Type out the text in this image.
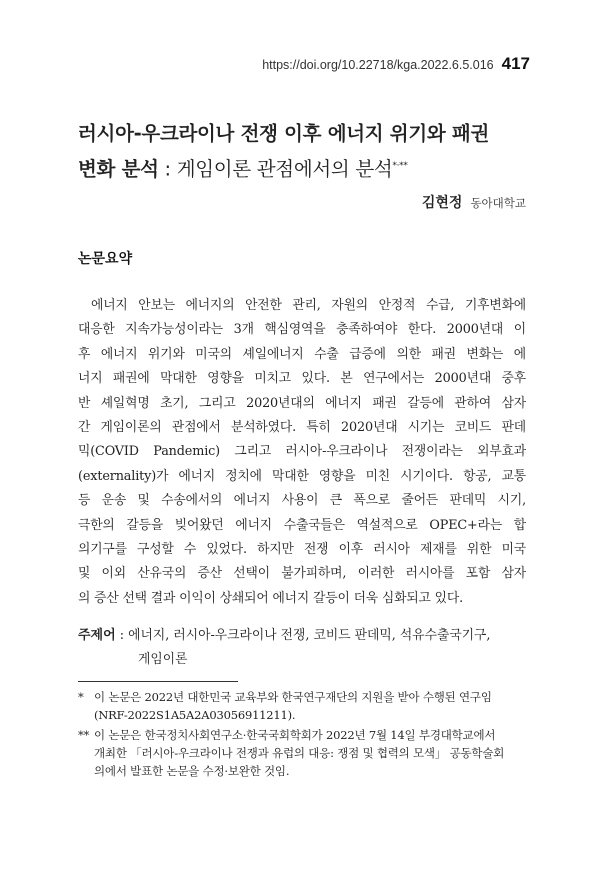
https://doi.org/10.22718/kga.2022.6.5.016 417
러시아-우크라이나 전쟁 이후 에너지 위기와 패권
변화 분석 : 게임이론 관점에서의 분석*·**
김현정 동아대학교
논문요약
에너지 안보는 에너지의 안전한 관리, 자원의 안정적 수급, 기후변화에
대응한 지속가능성이라는 3개 핵심영역을 충족하여야 한다. 2000년대 이
후 에너지 위기와 미국의 셰일에너지 수출 급증에 의한 패권 변화는 에
너지 패권에 막대한 영향을 미치고 있다. 본 연구에서는 2000년대 중후
반 셰일혁명 초기, 그리고 2020년대의 에너지 패권 갈등에 관하여 삼자
간 게임이론의 관점에서 분석하였다. 특히 2020년대 시기는 코비드 판데
믹(COVID Pandemic) 그리고 러시아-우크라이나 전쟁이라는 외부효과
(externality)가 에너지 정치에 막대한 영향을 미친 시기이다. 항공, 교통
등 운송 및 수송에서의 에너지 사용이 큰 폭으로 줄어든 판데믹 시기,
극한의 갈등을 빚어왔던 에너지 수출국들은 역설적으로 OPEC+라는 합
의기구를 구성할 수 있었다. 하지만 전쟁 이후 러시아 제재를 위한 미국
및 이외 산유국의 증산 선택이 불가피하며, 이러한 러시아를 포함 삼자
의 증산 선택 결과 이익이 상쇄되어 에너지 갈등이 더욱 심화되고 있다.
주제어 : 에너지, 러시아-우크라이나 전쟁, 코비드 판데믹, 석유수출국기구,
게임이론
* 이 논문은 2022년 대한민국 교육부와 한국연구재단의 지원을 받아 수행된 연구임
(NRF-2022S1A5A2A03056911211).
** 이 논문은 한국정치사회연구소·한국국회학회가 2022년 7월 14일 부경대학교에서
개최한 「러시아-우크라이나 전쟁과 유럽의 대응: 쟁점 및 협력의 모색」 공동학술회
의에서 발표한 논문을 수정·보완한 것임.
